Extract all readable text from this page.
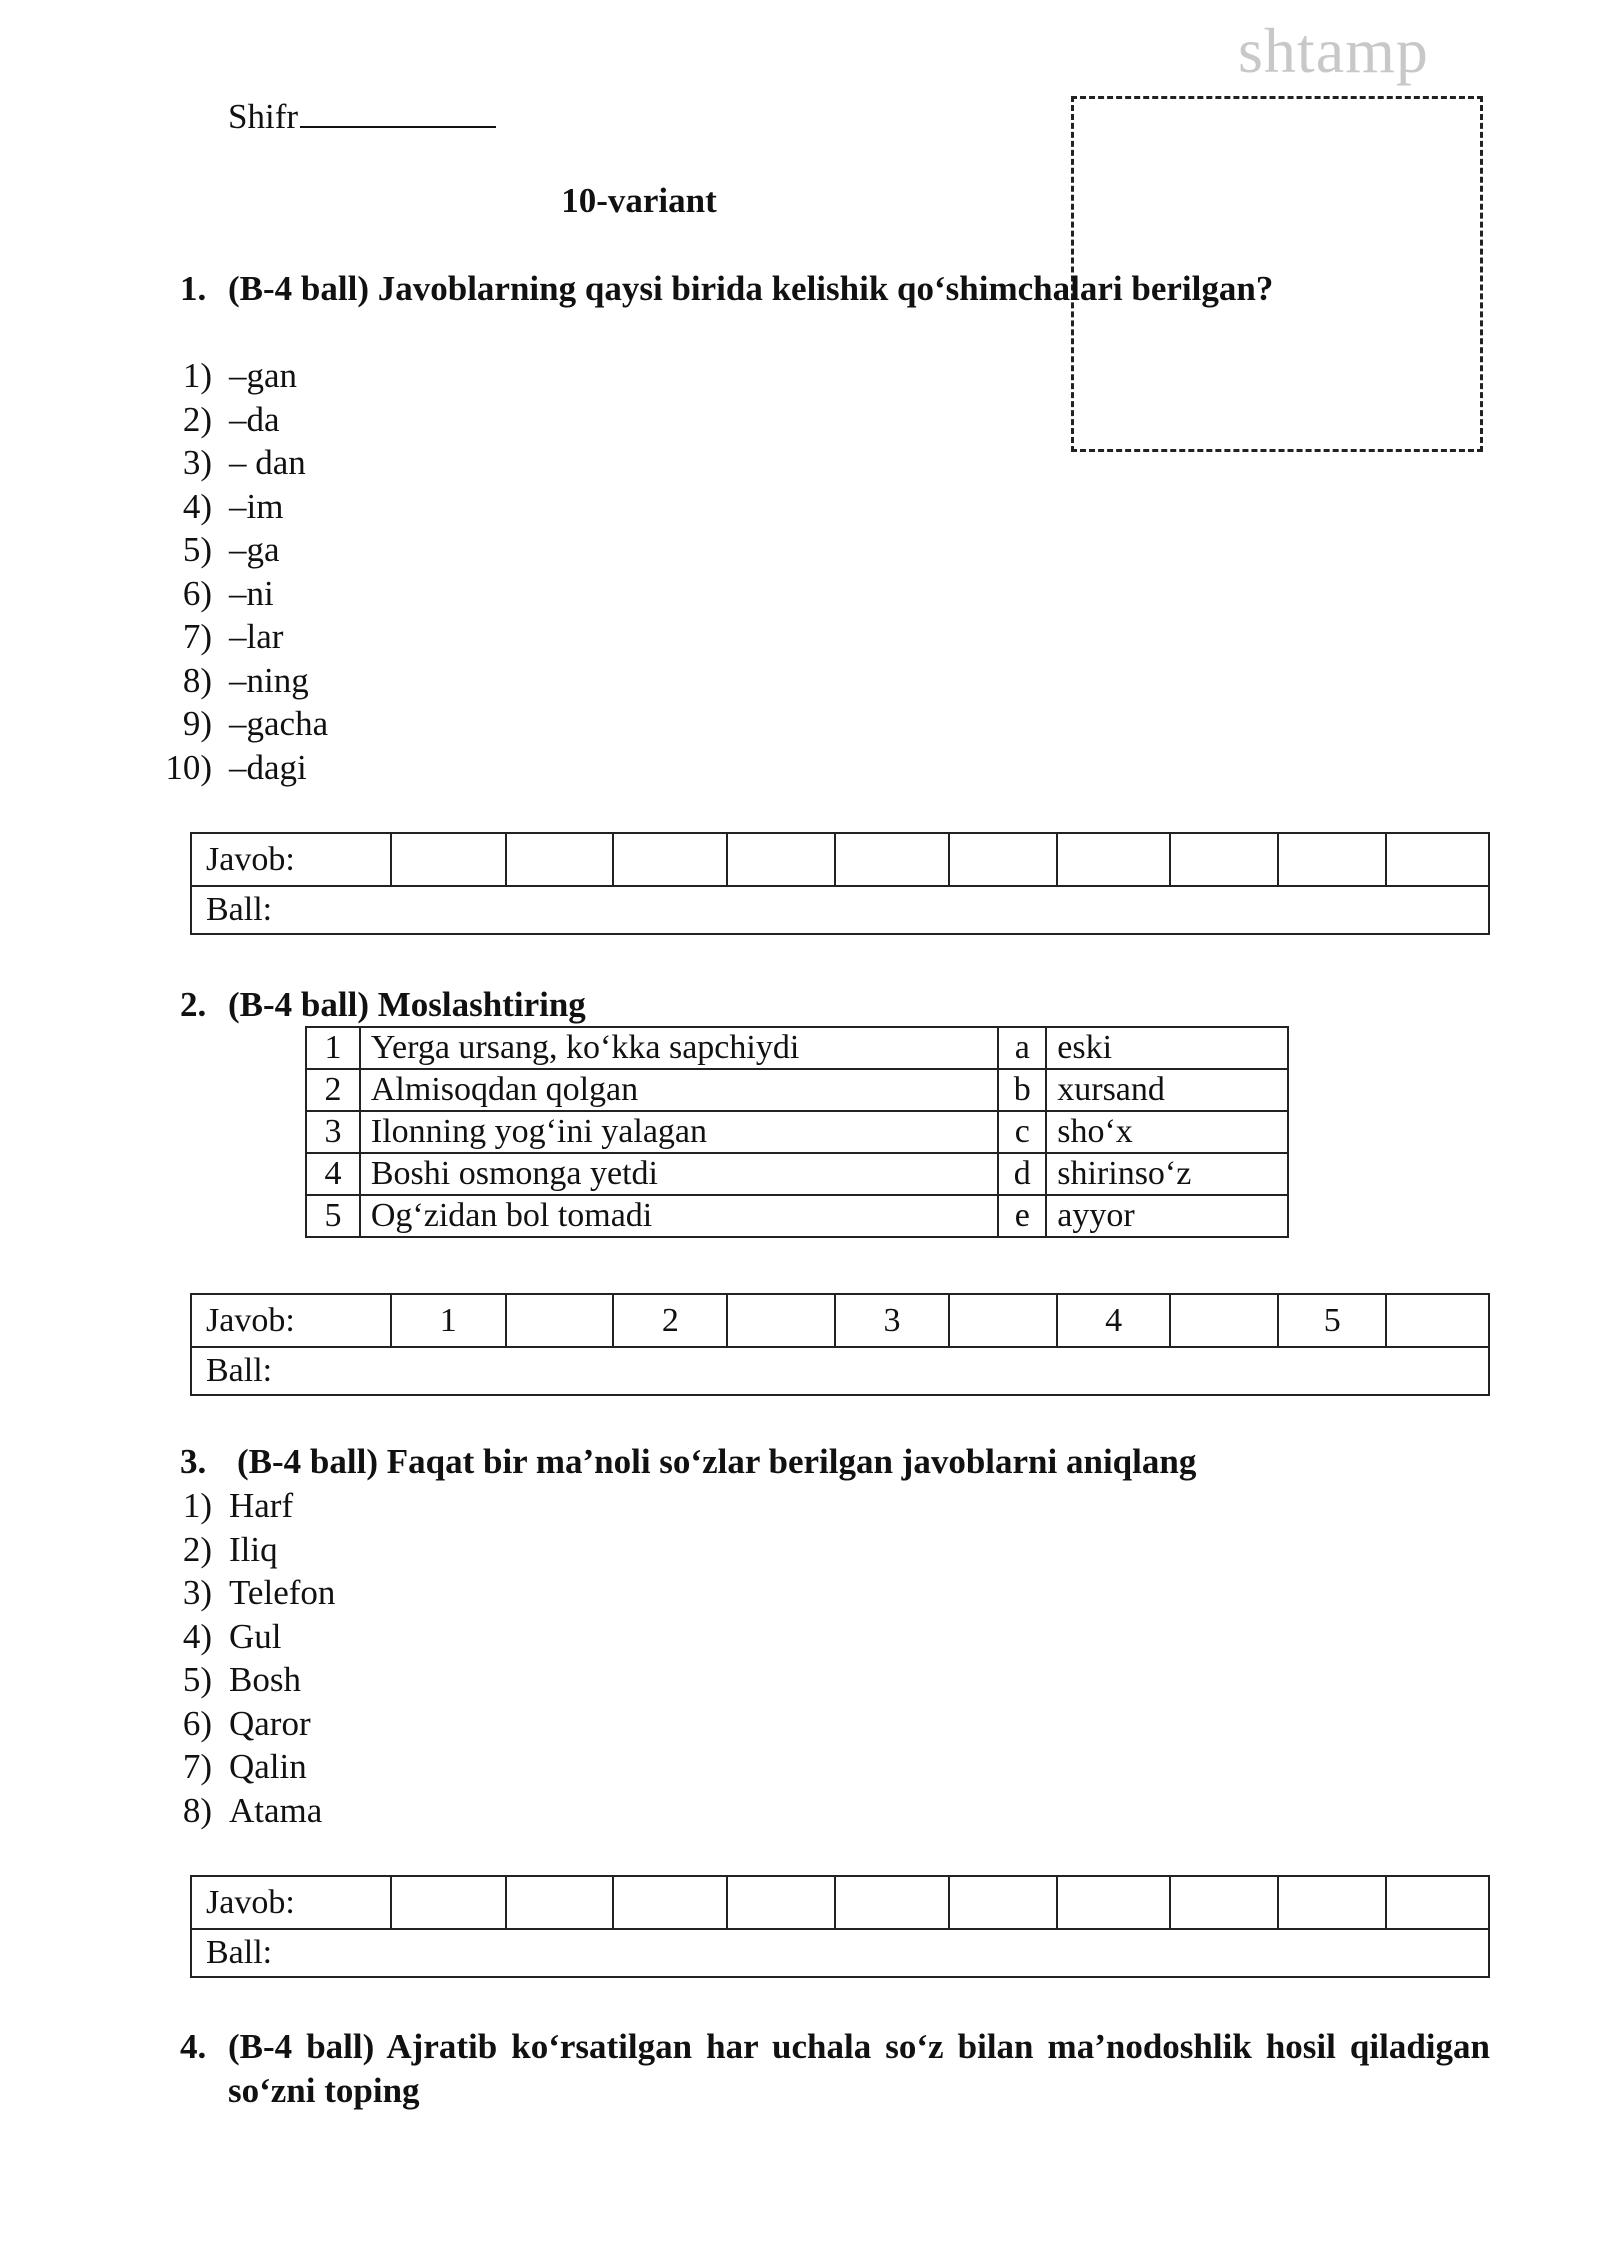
shtamp
Shifr
10-variant
1. (B-4 ball) Javoblarning qaysi birida kelishik qo‘shimchalari berilgan?
1) –gan
2) –da
3) – dan
4) –im
5) –ga
6) –ni
7) –lar
8) –ning
9) –gacha
10) –dagi
Javob:										
Ball:
2. (B-4 ball) Moslashtiring
1	Yerga ursang, ko‘kka sapchiydi	a	eski
2	Almisoqdan qolgan	b	xursand
3	Ilonning yog‘ini yalagan	c	sho‘x
4	Boshi osmonga yetdi	d	shirinso‘z
5	Og‘zidan bol tomadi	e	ayyor
Javob:	1		2		3		4		5	
Ball:
3. (B-4 ball) Faqat bir ma’noli so‘zlar berilgan javoblarni aniqlang
1) Harf
2) Iliq
3) Telefon
4) Gul
5) Bosh
6) Qaror
7) Qalin
8) Atama
Javob:										
Ball:
4. (B-4 ball) Ajratib ko‘rsatilgan har uchala so‘z bilan ma’nodoshlik hosil qiladigan so‘zni toping
